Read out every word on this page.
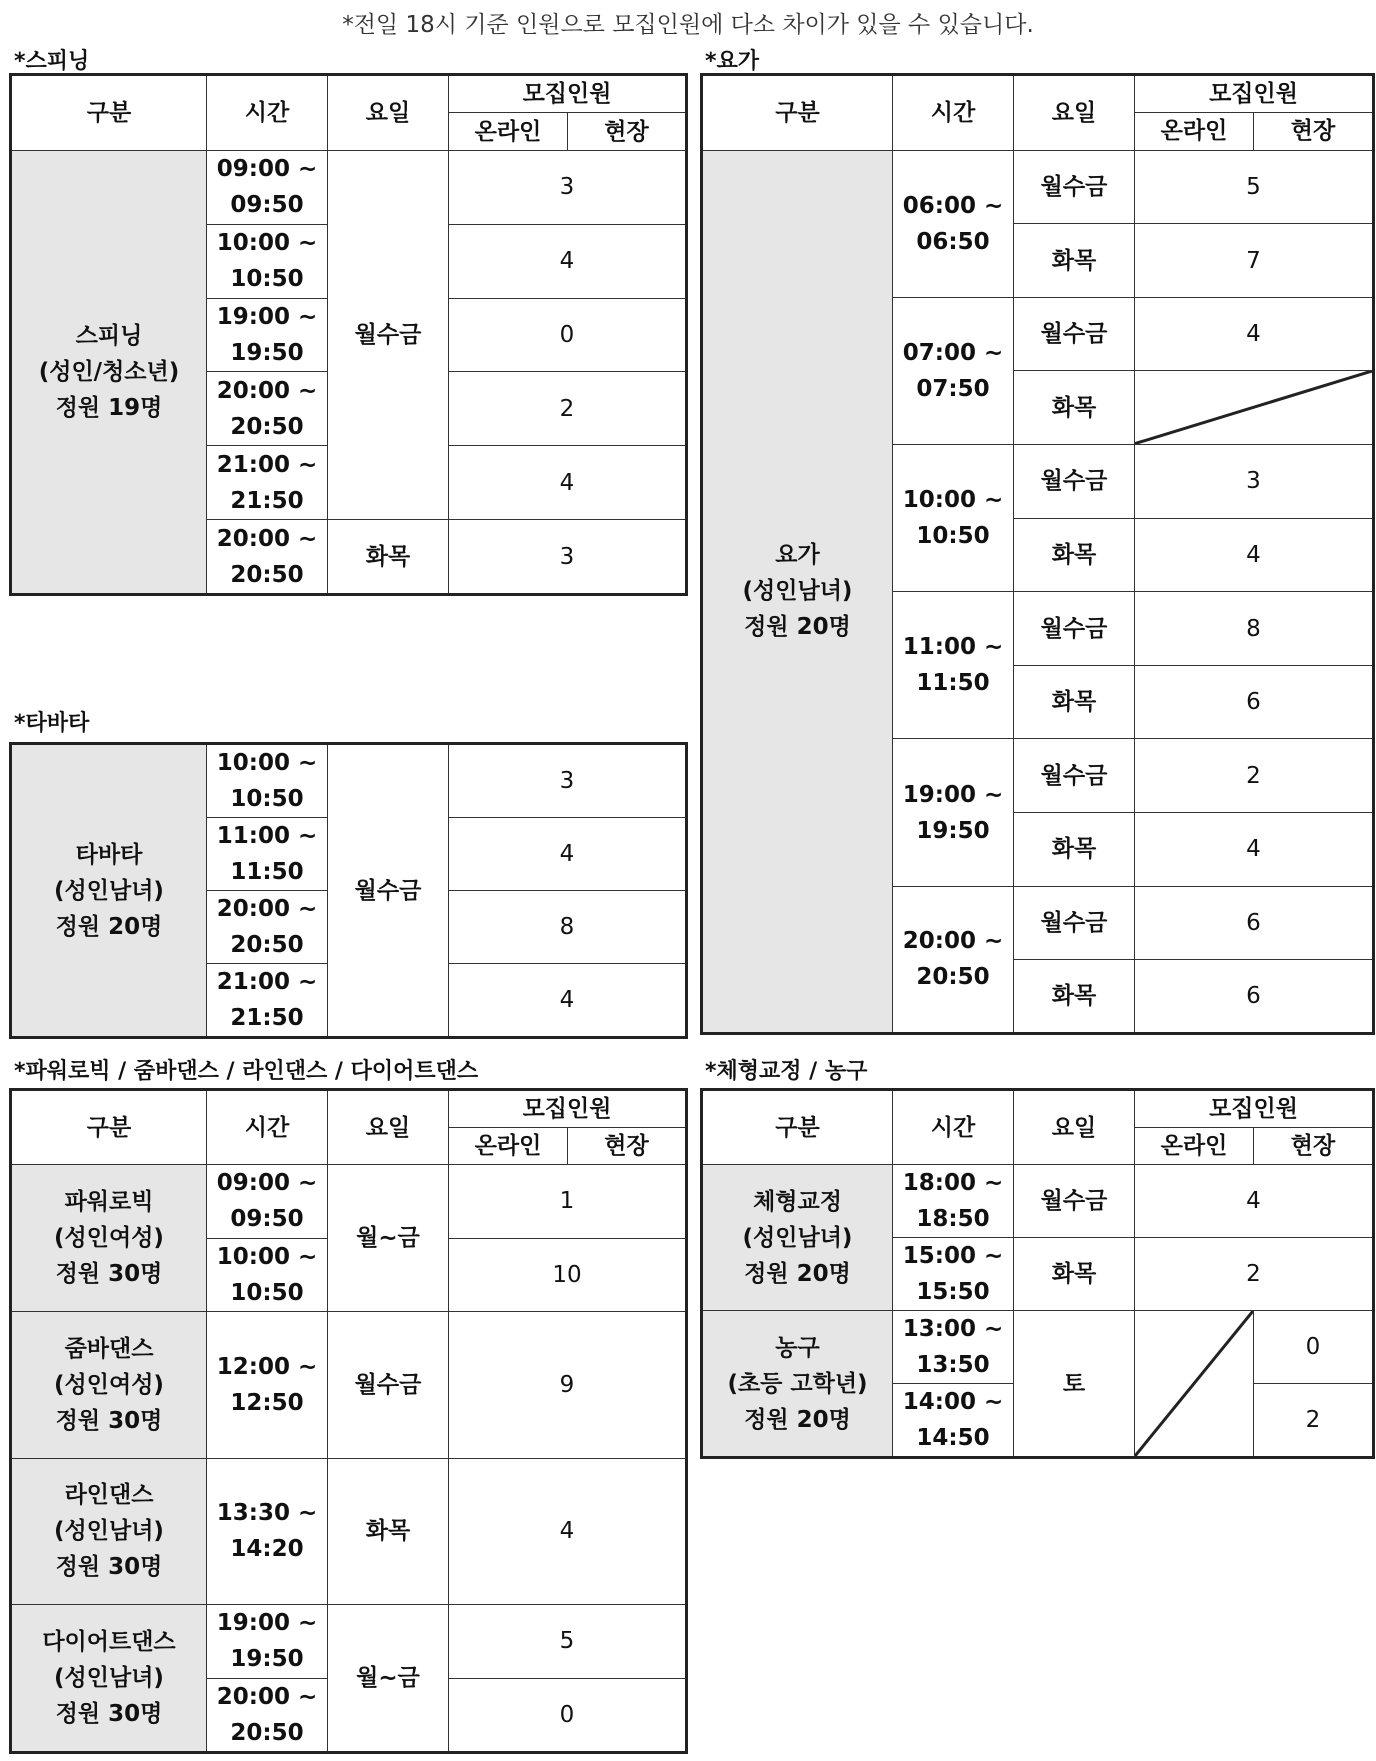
*전일 18시 기준 인원으로 모집인원에 다소 차이가 있을 수 있습니다.
*스피닝
구분	시간	요일	모집인원	
			온라인	현장

스피닝
(성인/청소년)
정원 19명	09:00 ~
09:50	월수금	3	

	10:00 ~
10:50		4	

	19:00 ~
19:50		0	

	20:00 ~
20:50		2	

	21:00 ~
21:50		4	

	20:00 ~
20:50	화목	3	
*타바타
타바타
(성인남녀)
정원 20명	10:00 ~
10:50	월수금	3

	11:00 ~
11:50		4

	20:00 ~
20:50		8

	21:00 ~
21:50		4
*요가
구분	시간	요일	모집인원	
			온라인	현장

요가
(성인남녀)
정원 20명	06:00 ~
06:50	월수금	5	
		화목	7	

	07:00 ~
07:50	월수금	4	
		화목	

	10:00 ~
10:50	월수금	3	
		화목	4	

	11:00 ~
11:50	월수금	8	
		화목	6	

	19:00 ~
19:50	월수금	2	
		화목	4	

	20:00 ~
20:50	월수금	6	
		화목	6	
*파워로빅 / 줌바댄스 / 라인댄스 / 다이어트댄스
구분	시간	요일	모집인원	
			온라인	현장

파워로빅
(성인여성)
정원 30명	09:00 ~
09:50	월~금	1	

	10:00 ~
10:50		10	

줌바댄스
(성인여성)
정원 30명	12:00 ~
12:50	월수금	9	

라인댄스
(성인남녀)
정원 30명	13:30 ~
14:20	화목	4	

다이어트댄스
(성인남녀)
정원 30명	19:00 ~
19:50	월~금	5	

	20:00 ~
20:50		0	
*체형교정 / 농구
구분	시간	요일	모집인원	
			온라인	현장

체형교정
(성인남녀)
정원 20명	18:00 ~
18:50	월수금	4	

	15:00 ~
15:50	화목	2	

농구
(초등 고학년)
정원 20명	13:00 ~
13:50	토		0

	14:00 ~
14:50			2
